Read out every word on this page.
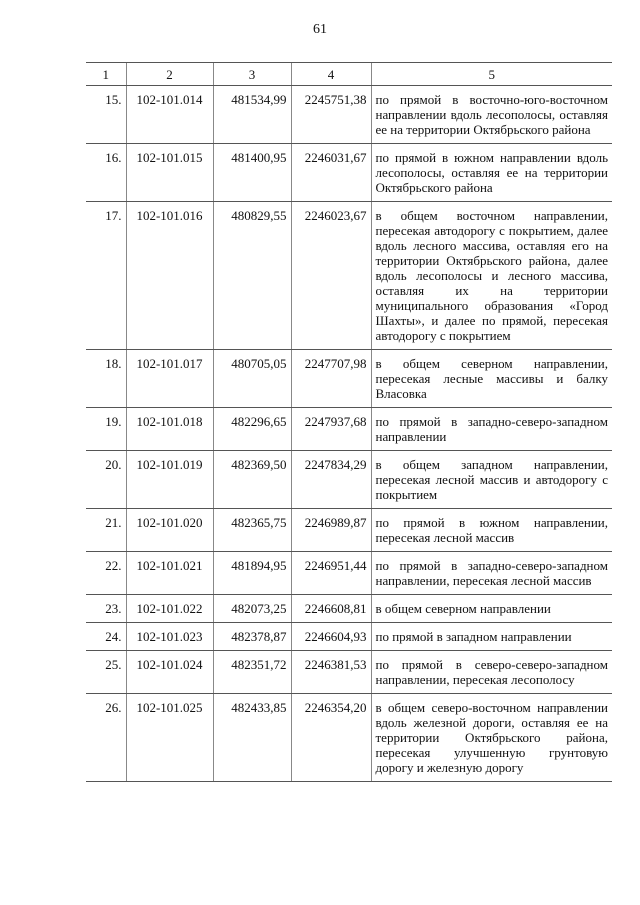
61
1	2	3	4	5
15.	102-101.014	481534,99	2245751,38	по прямой в восточно-юго-восточном направлении вдоль лесополосы, оставляя ее на территории Октябрьского района
16.	102-101.015	481400,95	2246031,67	по прямой в южном направлении вдоль лесополосы, оставляя ее на территории Октябрьского района
17.	102-101.016	480829,55	2246023,67	в общем восточном направлении, пересекая автодорогу с покрытием, далее вдоль лесного массива, оставляя его на территории Октябрьского района, далее вдоль лесополосы и лесного массива, оставляя их на территории муниципального образования «Город Шахты», и далее по прямой, пересекая автодорогу с покрытием
18.	102-101.017	480705,05	2247707,98	в общем северном направлении, пересекая лесные массивы и балку Власовка
19.	102-101.018	482296,65	2247937,68	по прямой в западно-северо-западном направлении
20.	102-101.019	482369,50	2247834,29	в общем западном направлении, пересекая лесной массив и автодорогу с покрытием
21.	102-101.020	482365,75	2246989,87	по прямой в южном направлении, пересекая лесной массив
22.	102-101.021	481894,95	2246951,44	по прямой в западно-северо-западном направлении, пересекая лесной массив
23.	102-101.022	482073,25	2246608,81	в общем северном направлении
24.	102-101.023	482378,87	2246604,93	по прямой в западном направлении
25.	102-101.024	482351,72	2246381,53	по прямой в северо-северо-западном направлении, пересекая лесополосу
26.	102-101.025	482433,85	2246354,20	в общем северо-восточном направлении вдоль железной дороги, оставляя ее на территории Октябрьского района, пересекая улучшенную грунтовую дорогу и железную дорогу
